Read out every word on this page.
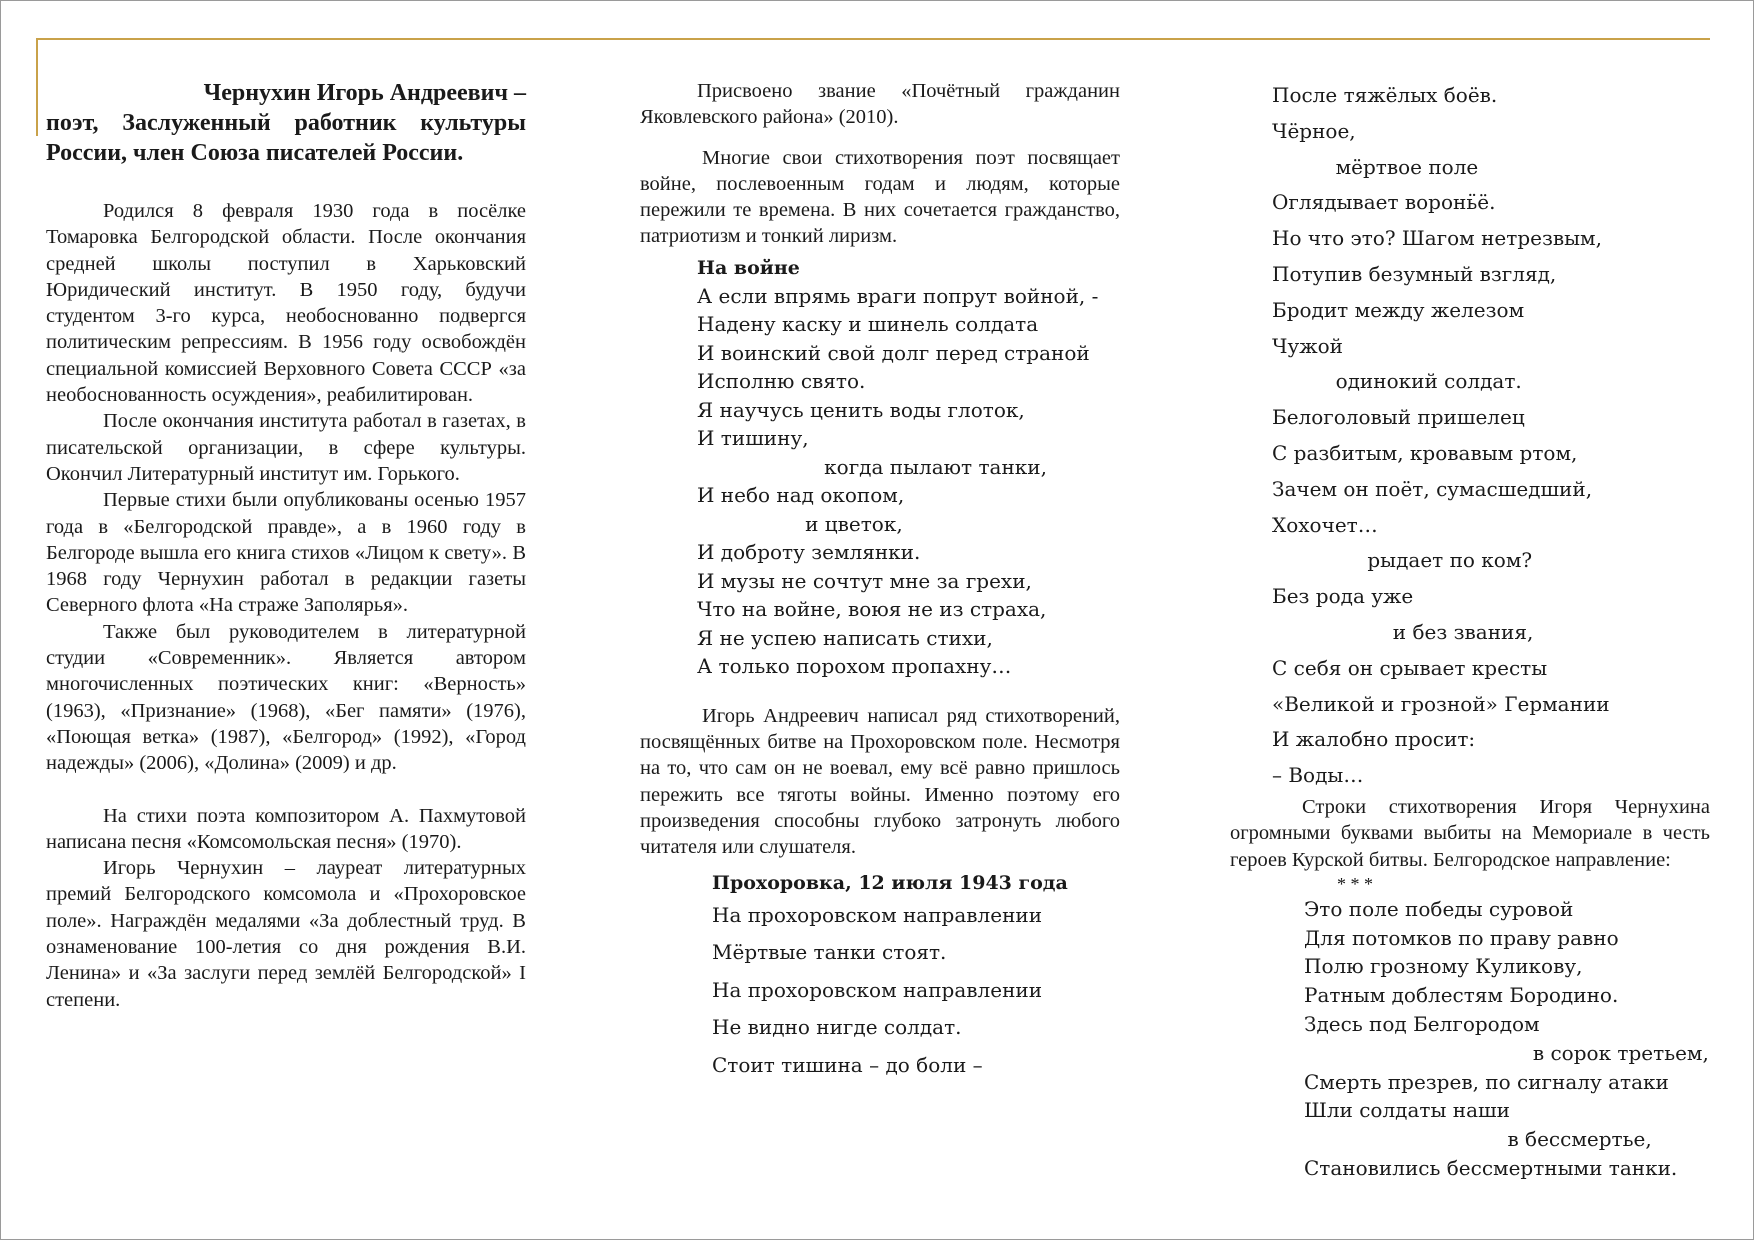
Чернухин Игорь Андреевич –

поэт, Заслуженный работник культуры России, член Союза писателей России.

Родился 8 февраля 1930 года в посёлке Томаровка Белгородской области. После окончания средней школы поступил в Харьковский Юридический институт. В 1950 году, будучи студентом 3-го курса, необоснованно подвергся политическим репрессиям. В 1956 году освобождён специальной комиссией Верховного Совета СССР «за необоснованность осуждения», реабилитирован.

После окончания института работал в газетах, в писательской организации, в сфере культуры. Окончил Литературный институт им. Горького.

Первые стихи были опубликованы осенью 1957 года в «Белгородской правде», а в 1960 году в Белгороде вышла его книга стихов «Лицом к свету». В 1968 году Чернухин работал в редакции газеты Северного флота «На страже Заполярья».

Также был руководителем в литературной студии «Современник». Является автором многочисленных поэтических книг: «Верность» (1963), «Признание» (1968), «Бег памяти» (1976), «Поющая ветка» (1987), «Белгород» (1992), «Город надежды» (2006), «Долина» (2009) и др.

На стихи поэта композитором А. Пахмутовой написана песня «Комсомольская песня» (1970).

Игорь Чернухин – лауреат литературных премий Белгородского комсомола и «Прохоровское поле». Награждён медалями «За доблестный труд. В ознаменование 100-летия со дня рождения В.И. Ленина» и «За заслуги перед землёй Белгородской» I степени.

Присвоено звание «Почётный гражданин Яковлевского района» (2010).

Многие свои стихотворения поэт посвящает войне, послевоенным годам и людям, которые пережили те времена. В них сочетается гражданство, патриотизм и тонкий лиризм.

На войне

А если впрямь враги попрут войной, -
Надену каску и шинель солдата
И воинский свой долг перед страной
Исполню свято.
Я научусь ценить воды глоток,
И тишину,
когда пылают танки,
И небо над окопом,
и цветок,
И доброту землянки.
И музы не сочтут мне за грехи,
Что на войне, воюя не из страха,
Я не успею написать стихи,
А только порохом пропахну…

Игорь Андреевич написал ряд стихотворений, посвящённых битве на Прохоровском поле. Несмотря на то, что сам он не воевал, ему всё равно пришлось пережить все тяготы войны. Именно поэтому его произведения способны глубоко затронуть любого читателя или слушателя.

Прохоровка, 12 июля 1943 года

На прохоровском направлении
Мёртвые танки стоят.
На прохоровском направлении
Не видно нигде солдат.
Стоит тишина – до боли –
После тяжёлых боёв.
Чёрное,
мёртвое поле
Оглядывает воронь̈ё.
Но что это? Шагом нетрезвым,
Потупив безумный взгляд,
Бродит между железом
Чужой
одинокий солдат.
Белоголовый пришелец
С разбитым, кровавым ртом,
Зачем он поёт, сумасшедший,
Хохочет…
рыдает по ком?
Без рода уже
и без звания,
С себя он срывает кресты
«Великой и грозной» Германии
И жалобно просит:
– Воды…

Строки стихотворения Игоря Чернухина огромными буквами выбиты на Мемориале в честь героев Курской битвы. Белгородское направление:

* * *
Это поле победы суровой
Для потомков по праву равно
Полю грозному Куликову,
Ратным доблестям Бородино.
Здесь под Белгородом
в сорок третьем,
Смерть презрев, по сигналу атаки
Шли солдаты наши
в бессмертье,
Становились бессмертными танки.
